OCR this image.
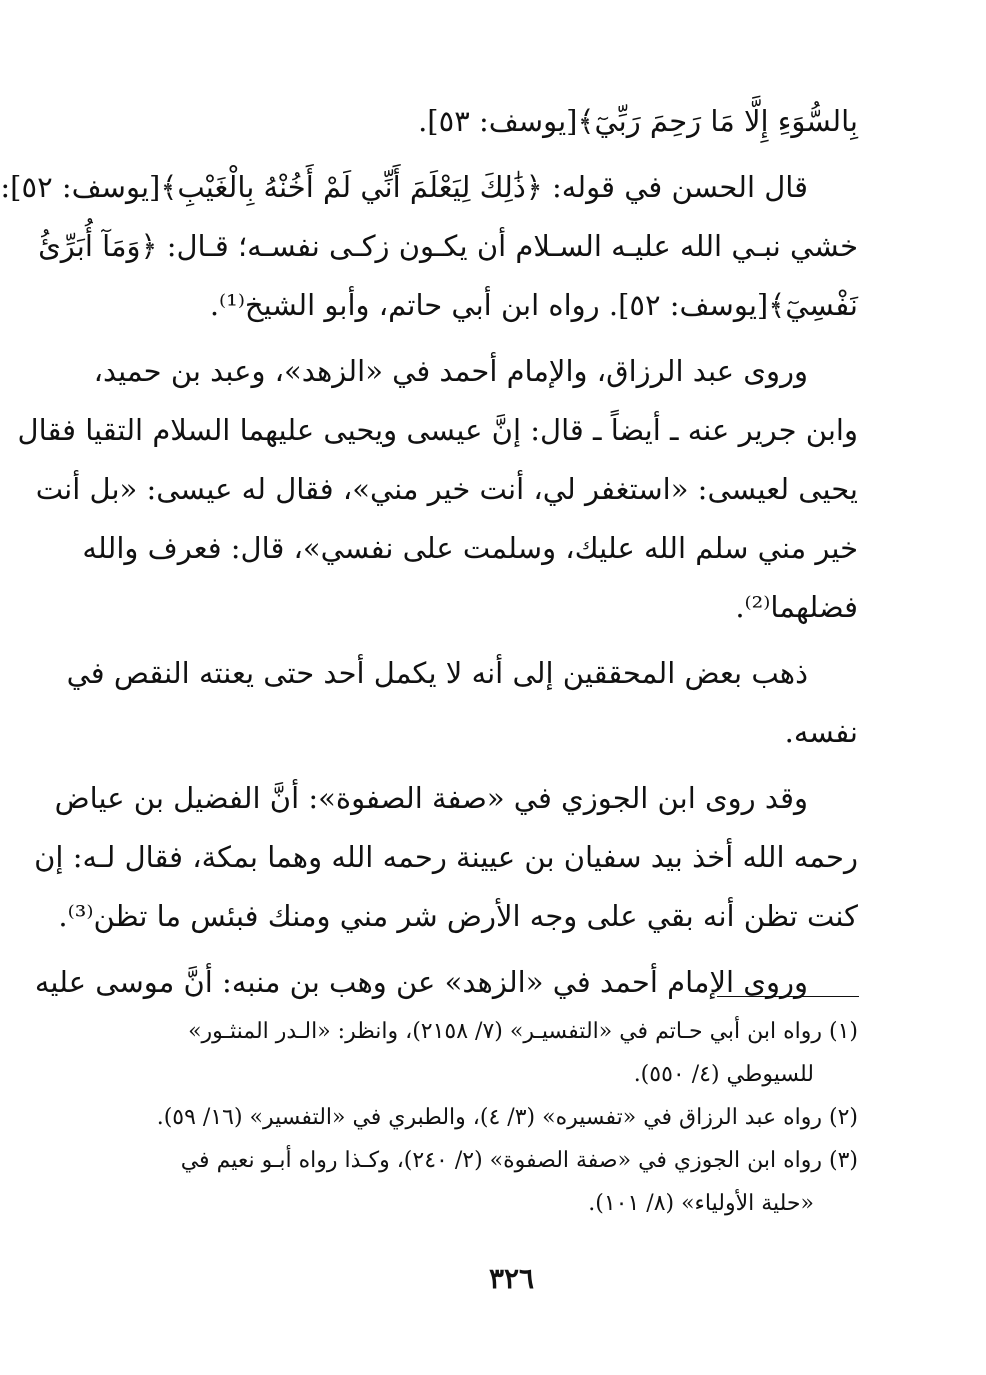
بِالسُّوَءِ إِلَّا مَا رَحِمَ رَبِّيٓ﴾[يوسف: ٥٣].
قال الحسن في قوله: ﴿ذَٰلِكَ لِيَعْلَمَ أَنِّي لَمْ أَخُنْهُ بِالْغَيْبِ﴾[يوسف: ٥٢]:
خشي نبـي الله عليـه السـلام أن يكـون زكـى نفسـه؛ قـال: ﴿وَمَآ أُبَرِّئُ
نَفْسِيٓ﴾[يوسف: ٥٢]. رواه ابن أبي حاتم، وأبو الشيخ⁽¹⁾.
وروى عبد الرزاق، والإمام أحمد في «الزهد»، وعبد بن حميد،
وابن جرير عنه ـ أيضاً ـ قال: إنَّ عيسى ويحيى عليهما السلام التقيا فقال
يحيى لعيسى: «استغفر لي، أنت خير مني»، فقال له عيسى: «بل أنت
خير مني سلم الله عليك، وسلمت على نفسي»، قال: فعرف والله
فضلهما⁽²⁾.
ذهب بعض المحققين إلى أنه لا يكمل أحد حتى يعنته النقص في
نفسه.
وقد روى ابن الجوزي في «صفة الصفوة»: أنَّ الفضيل بن عياض
رحمه الله أخذ بيد سفيان بن عيينة رحمه الله وهما بمكة، فقال لـه: إن
كنت تظن أنه بقي على وجه الأرض شر مني ومنك فبئس ما تظن⁽³⁾.
وروى الإمام أحمد في «الزهد» عن وهب بن منبه: أنَّ موسى عليه
(١) رواه ابن أبي حـاتم في «التفسيـر» (٧/ ٢١٥٨)، وانظر: «الـدر المنثـور»
للسيوطي (٤/ ٥٥٠).
(٢) رواه عبد الرزاق في «تفسيره» (٣/ ٤)، والطبري في «التفسير» (١٦/ ٥٩).
(٣) رواه ابن الجوزي في «صفة الصفوة» (٢/ ٢٤٠)، وكـذا رواه أبـو نعيم في
«حلية الأولياء» (٨/ ١٠١).
٣٢٦
